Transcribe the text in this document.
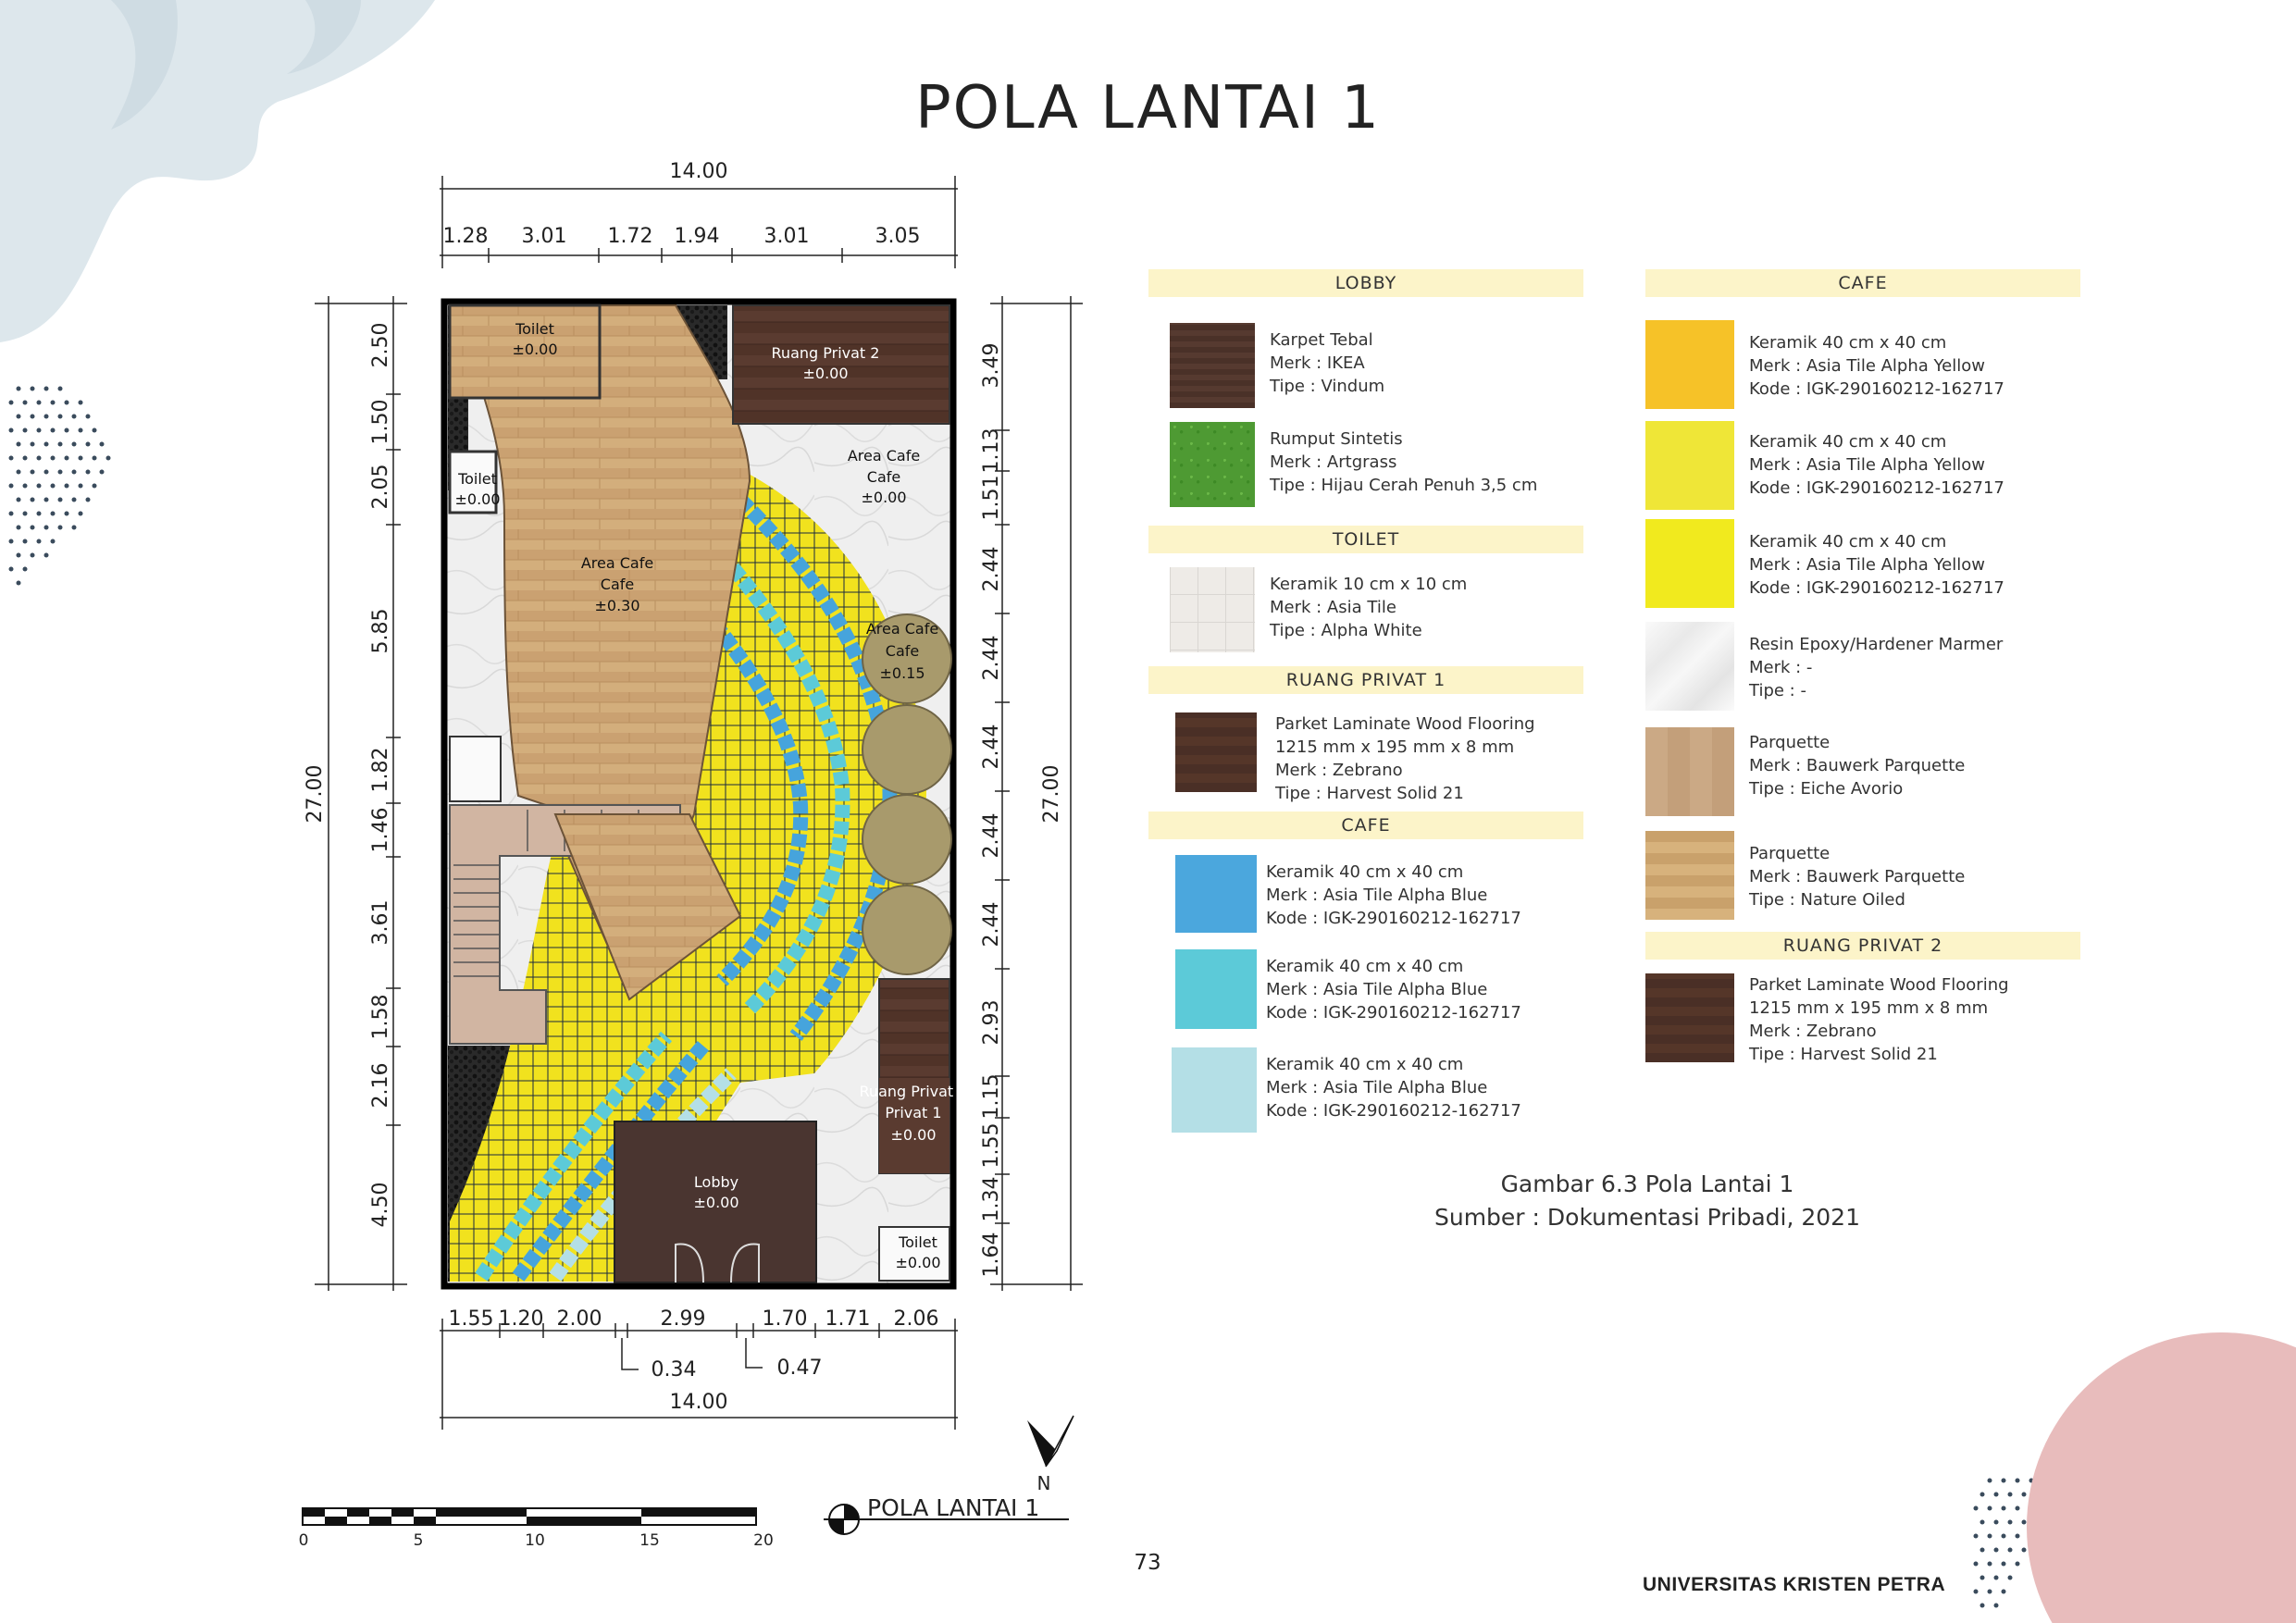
POLA LANTAI 1
Toilet
±0.00	Ruang Privat 2
±0.00
Toilet
±0.00
Area Cafe
±0.00
Area Cafe
±0.30
Area Cafe
±0.15
Ruang Privat 1
±0.00
Lobby
±0.00
Toilet
±0.00
Cafe
Cafe
Cafe
Privat 1
14.00
1.28 3.01 1.72 1.94 3.01	3.05
1.55 1.20 2.00	2.99	1.70 1.71 2.06
0.34	0.47
14.00
27.00
2.50
1.50
2.05
5.85
1.82
1.46
3.61
1.58
2.16
4.50
27.00
3.49
1.13
1.51
2.44
2.44
2.44
2.44
2.44
2.93
1.15
1.55
1.34
1.64
N
0	5	10	15	20
POLA LANTAI 1
LOBBY
Karpet Tebal
Merk : IKEA
Tipe : Vindum
Rumput Sintetis
Merk : Artgrass
Tipe : Hijau Cerah Penuh 3,5 cm
TOILET
Keramik 10 cm x 10 cm
Merk : Asia Tile
Tipe : Alpha White
RUANG PRIVAT 1
Parket Laminate Wood Flooring
1215 mm x 195 mm x 8 mm
Merk : Zebrano
Tipe : Harvest Solid 21
CAFE
Keramik 40 cm x 40 cm
Merk : Asia Tile Alpha Blue
Kode : IGK-290160212-162717
Keramik 40 cm x 40 cm
Merk : Asia Tile Alpha Blue
Kode : IGK-290160212-162717
Keramik 40 cm x 40 cm
Merk : Asia Tile Alpha Blue
Kode : IGK-290160212-162717
CAFE
Keramik 40 cm x 40 cm
Merk : Asia Tile Alpha Yellow
Kode : IGK-290160212-162717
Keramik 40 cm x 40 cm
Merk : Asia Tile Alpha Yellow
Kode : IGK-290160212-162717
Keramik 40 cm x 40 cm
Merk : Asia Tile Alpha Yellow
Kode : IGK-290160212-162717
Resin Epoxy/Hardener Marmer
Merk : -
Tipe : -
Parquette
Merk : Bauwerk Parquette
Tipe : Eiche Avorio
Parquette
Merk : Bauwerk Parquette
Tipe : Nature Oiled
RUANG PRIVAT 2
Parket Laminate Wood Flooring
1215 mm x 195 mm x 8 mm
Merk : Zebrano
Tipe : Harvest Solid 21
Gambar 6.3 Pola Lantai 1
Sumber : Dokumentasi Pribadi, 2021
73
UNIVERSITAS KRISTEN PETRA
